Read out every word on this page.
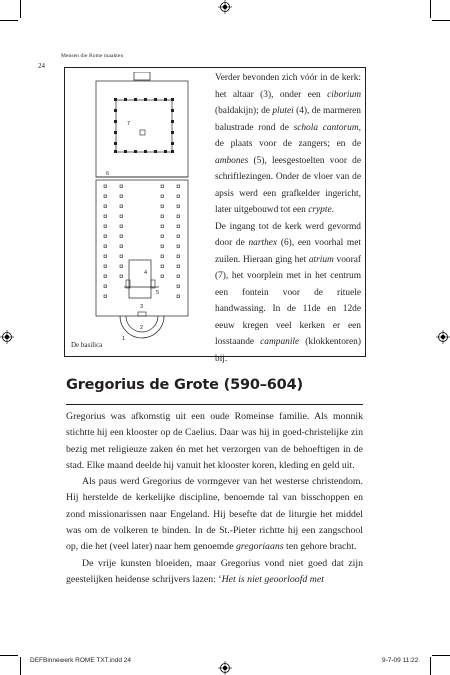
Mensen die Rome maakten
24
7
6
4
5
3
2
1
De basilica

Verder bevonden zich vóór in de kerk: het altaar (3), onder een ciborium (baldakijn); de plutei (4), de marmeren balustrade rond de schola cantorum, de plaats voor de zangers; en de ambones (5), leesgestoelten voor de schriftlezingen. Onder de vloer van de apsis werd een grafkelder ingericht, later uitgebouwd tot een crypte.

De ingang tot de kerk werd gevormd door de narthex (6), een voorhal met zuilen. Hieraan ging het atrium vooraf (7), het voorplein met in het centrum een fontein voor de rituele handwassing. In de 11de en 12de eeuw kregen veel kerken er een losstaande campanile (klokkentoren) bij.

Gregorius de Grote (590–604)

Gregorius was afkomstig uit een oude Romeinse familie. Als monnik stichtte hij een klooster op de Caelius. Daar was hij in goed-christelijke zin bezig met religieuze zaken én met het verzorgen van de behoeftigen in de stad. Elke maand deelde hij vanuit het klooster koren, kleding en geld uit.

Als paus werd Gregorius de vormgever van het westerse christendom. Hij herstelde de kerkelijke discipline, benoemde tal van bisschoppen en zond missionarissen naar Engeland. Hij besefte dat de liturgie het middel was om de volkeren te binden. In de St.-Pieter richtte hij een zangschool op, die het (veel later) naar hem genoemde gregoriaans ten gehore bracht.

De vrije kunsten bloeiden, maar Gregorius vond niet goed dat zijn geestelijken heidense schrijvers lazen: ‘Het is niet geoorloofd met

DEFBinnewerk ROME TXT.indd 24	9-7-09 11:22
